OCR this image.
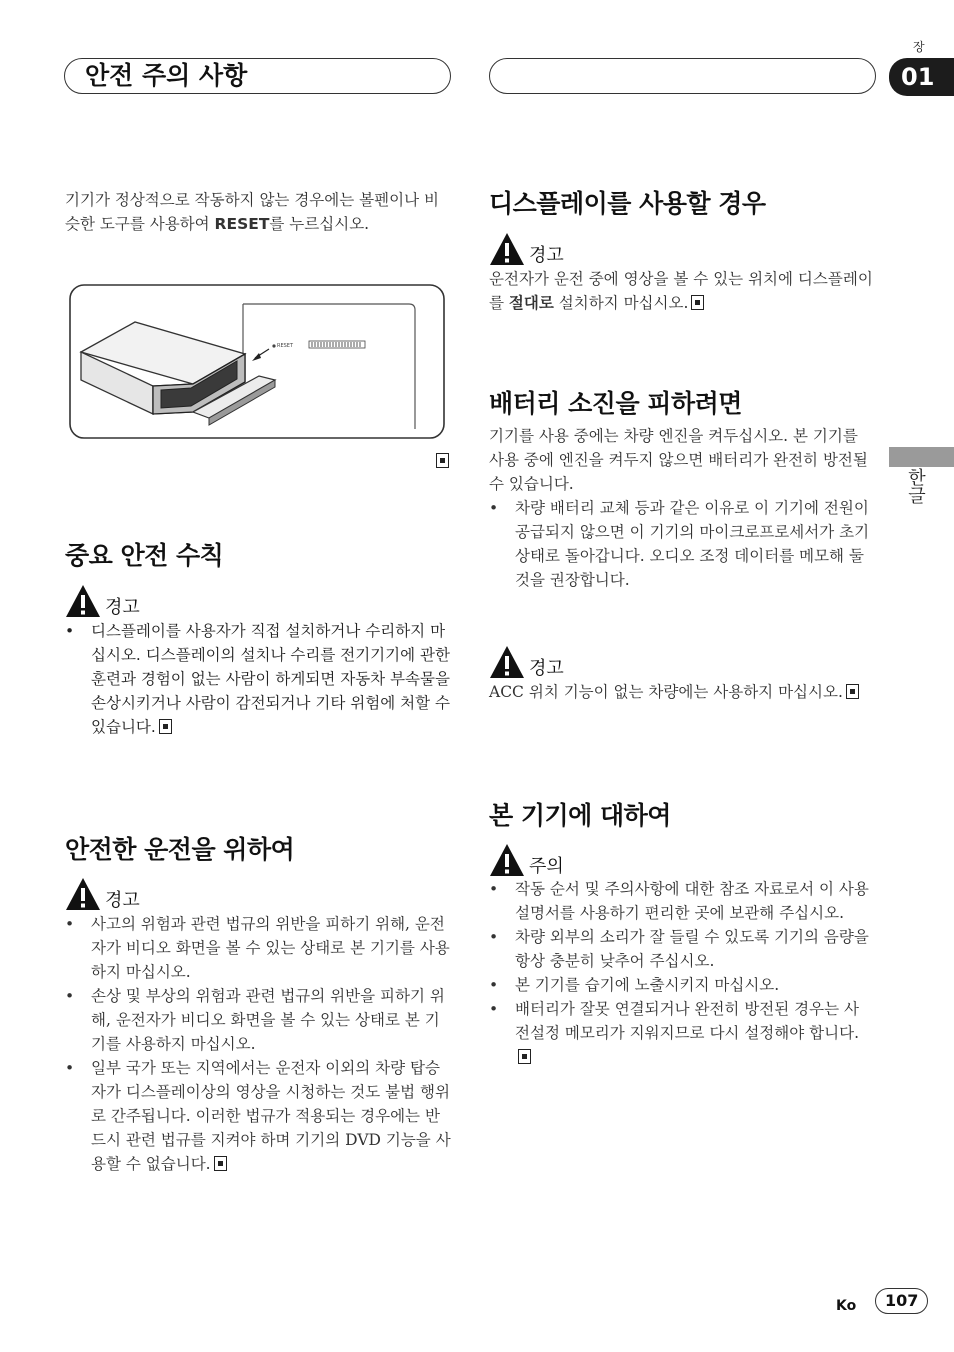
안전 주의 사항
장
01
한글

기기가 정상적으로 작동하지 않는 경우에는 볼펜이나 비슷한 도구를 사용하여 RESET를 누르십시오.

RESET
중요 안전 수칙
경고
• 디스플레이를 사용자가 직접 설치하거나 수리하지 마십시오. 디스플레이의 설치나 수리를 전기기기에 관한 훈련과 경험이 없는 사람이 하게되면 자동차 부속물을 손상시키거나 사람이 감전되거나 기타 위험에 처할 수 있습니다.
안전한 운전을 위하여
경고
• 사고의 위험과 관련 법규의 위반을 피하기 위해, 운전자가 비디오 화면을 볼 수 있는 상태로 본 기기를 사용하지 마십시오.
• 손상 및 부상의 위험과 관련 법규의 위반을 피하기 위해, 운전자가 비디오 화면을 볼 수 있는 상태로 본 기기를 사용하지 마십시오.
• 일부 국가 또는 지역에서는 운전자 이외의 차량 탑승자가 디스플레이상의 영상을 시청하는 것도 불법 행위로 간주됩니다. 이러한 법규가 적용되는 경우에는 반드시 관련 법규를 지켜야 하며 기기의 DVD 기능을 사용할 수 없습니다.
디스플레이를 사용할 경우
경고

운전자가 운전 중에 영상을 볼 수 있는 위치에 디스플레이를 절대로 설치하지 마십시오.

배터리 소진을 피하려면

기기를 사용 중에는 차량 엔진을 켜두십시오. 본 기기를 사용 중에 엔진을 켜두지 않으면 배터리가 완전히 방전될 수 있습니다.

• 차량 배터리 교체 등과 같은 이유로 이 기기에 전원이 공급되지 않으면 이 기기의 마이크로프로세서가 초기 상태로 돌아갑니다. 오디오 조정 데이터를 메모해 둘 것을 권장합니다.
경고

ACC 위치 기능이 없는 차량에는 사용하지 마십시오.

본 기기에 대하여
주의
• 작동 순서 및 주의사항에 대한 참조 자료로서 이 사용설명서를 사용하기 편리한 곳에 보관해 주십시오.
• 차량 외부의 소리가 잘 들릴 수 있도록 기기의 음량을 항상 충분히 낮추어 주십시오.
• 본 기기를 습기에 노출시키지 마십시오.
• 배터리가 잘못 연결되거나 완전히 방전된 경우는 사전설정 메모리가 지워지므로 다시 설정해야 합니다.
Ko	107
